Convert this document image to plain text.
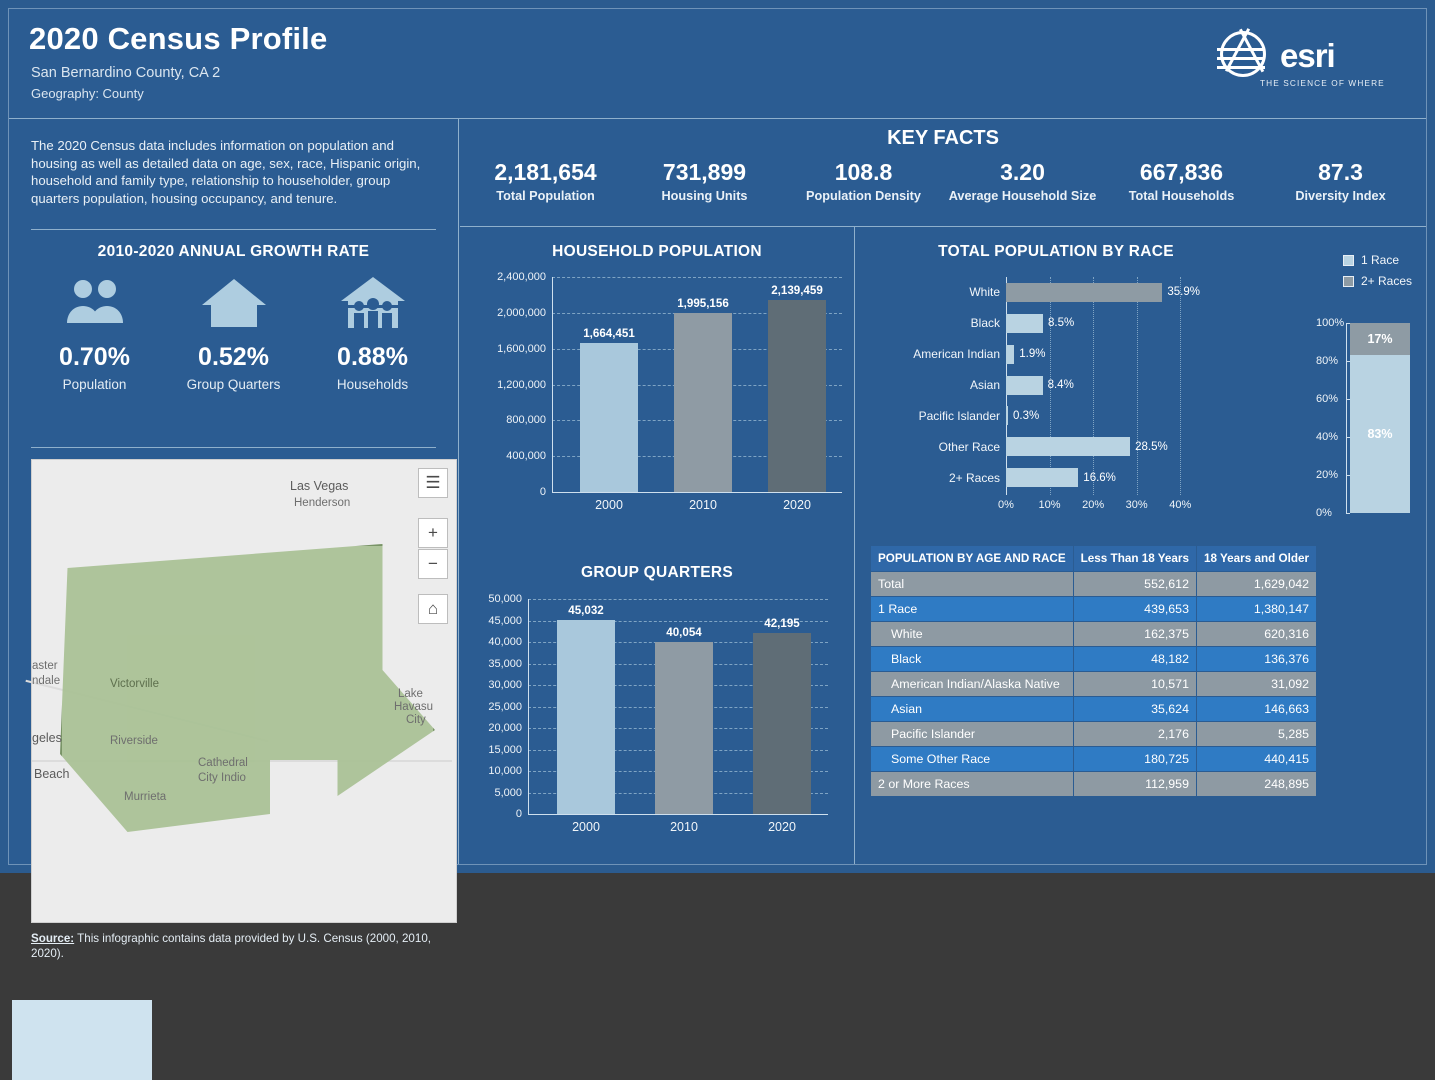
2020 Census Profile
San Bernardino County, CA 2
Geography: County
esri
THE SCIENCE OF WHERE
The 2020 Census data includes information on population and housing as well as detailed data on age, sex, race, Hispanic origin, household and family type, relationship to householder, group quarters population, housing occupancy, and tenure.
2010-2020 ANNUAL GROWTH RATE
0.70%
Population
0.52%
Group Quarters
0.88%
Households
Las Vegas
Henderson
Victorville
Lake
Havasu
City
aster
ndale
geles	Riverside
Beach
Cathedral
City Indio
Murrieta
☰
+
−
⌂
Source: This infographic contains data provided by U.S. Census (2000, 2010, 2020).
KEY FACTS
2,181,654
Total Population
731,899
Housing Units
108.8
Population Density
3.20
Average Household Size
667,836
Total Households
87.3
Diversity Index
HOUSEHOLD POPULATION
0
400,000
800,000
1,200,000
1,600,000
2,000,000
2,400,000
1,664,451
2000
1,995,156
2010
2,139,459
2020
GROUP QUARTERS
0
5,000
10,000
15,000
20,000
25,000
30,000
35,000
40,000
45,000
50,000
45,032
2000
40,054
2010
42,195
2020
TOTAL POPULATION BY RACE
0% 10% 20% 30% 40%
White	35.9%
Black	8.5%
American Indian 1.9%
Asian	8.4%
Pacific Islander 0.3%
Other Race	28.5%
2+ Races	16.6%
1 Race
2+ Races
0%
20%
40%
60%
80%
100%
83%
17%
POPULATION BY AGE AND RACE	Less Than 18 Years	18 Years and Older
Total	552,612	1,629,042
1 Race	439,653	1,380,147
White	162,375	620,316
Black	48,182	136,376
American Indian/Alaska Native	10,571	31,092
Asian	35,624	146,663
Pacific Islander	2,176	5,285
Some Other Race	180,725	440,415
2 or More Races	112,959	248,895
